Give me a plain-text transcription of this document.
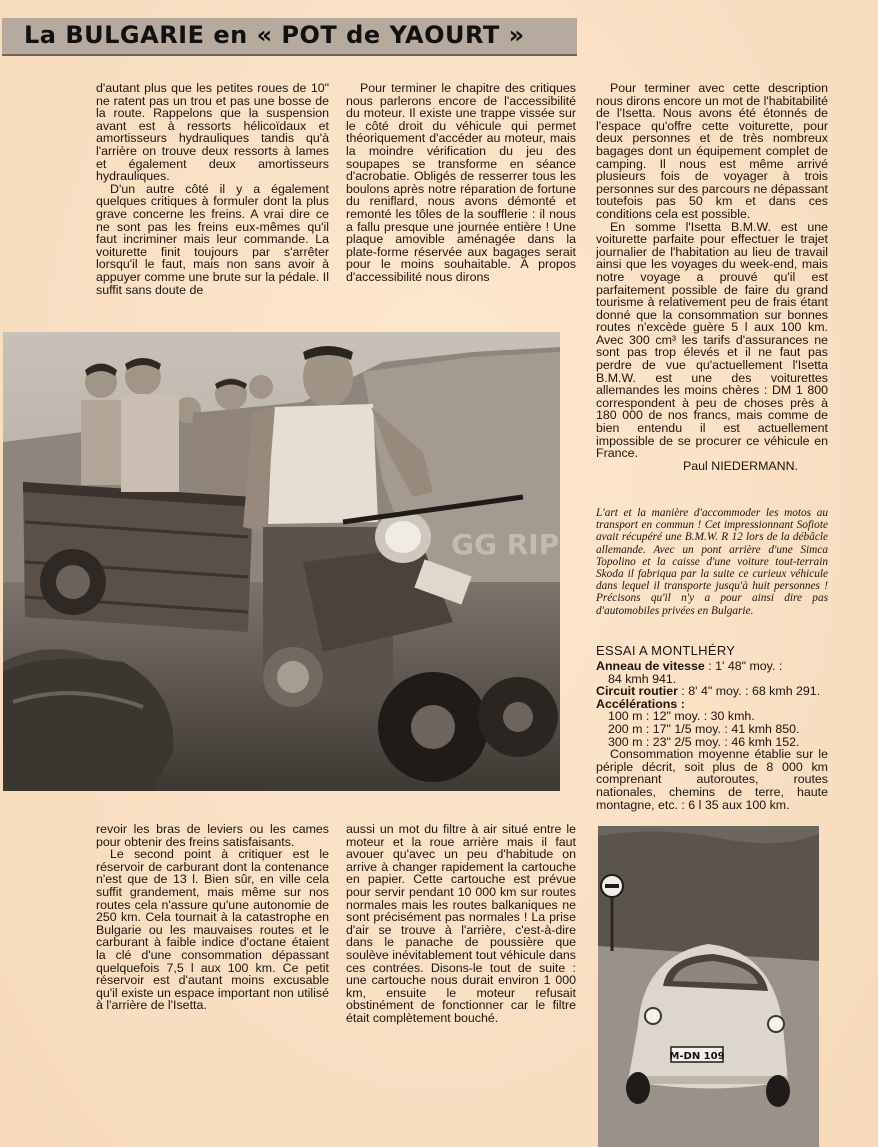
La BULGARIE en « POT de YAOURT »

d'autant plus que les petites roues de 10" ne ratent pas un trou et pas une bosse de la route. Rappelons que la suspension avant est à ressorts hélicoïdaux et amortisseurs hydrauliques tandis qu'à l'arrière on trouve deux ressorts à lames et également deux amortisseurs hydrauliques.

D'un autre côté il y a également quelques critiques à formuler dont la plus grave concerne les freins. A vrai dire ce ne sont pas les freins eux-mêmes qu'il faut incriminer mais leur commande. La voiturette finit toujours par s'arrêter lorsqu'il le faut, mais non sans avoir à appuyer comme une brute sur la pédale. Il suffit sans doute de

Pour terminer le chapitre des critiques nous parlerons encore de l'accessibilité du moteur. Il existe une trappe vissée sur le côté droit du véhicule qui permet théoriquement d'accéder au moteur, mais la moindre vérification du jeu des soupapes se transforme en séance d'acrobatie. Obligés de resserrer tous les boulons après notre réparation de fortune du reniflard, nous avons démonté et remonté les tôles de la soufflerie : il nous a fallu presque une journée entière ! Une plaque amovible aménagée dans la plate-forme réservée aux bagages serait pour le moins souhaitable. A propos d'accessibilité nous dirons

Pour terminer avec cette description nous dirons encore un mot de l'habitabilité de l'Isetta. Nous avons été étonnés de l'espace qu'offre cette voiturette, pour deux personnes et de très nombreux bagages dont un équipement complet de camping. Il nous est même arrivé plusieurs fois de voyager à trois personnes sur des parcours ne dépassant toutefois pas 50 km et dans ces conditions cela est possible.

En somme l'Isetta B.M.W. est une voiturette parfaite pour effectuer le trajet journalier de l'habitation au lieu de travail ainsi que les voyages du week-end, mais notre voyage a prouvé qu'il est parfaitement possible de faire du grand tourisme à relativement peu de frais étant donné que la consommation sur bonnes routes n'excède guère 5 l aux 100 km. Avec 300 cm³ les tarifs d'assurances ne sont pas trop élevés et il ne faut pas perdre de vue qu'actuellement l'Isetta B.M.W. est une des voiturettes allemandes les moins chères : DM 1 800 correspondent à peu de choses près à 180 000 de nos francs, mais comme de bien entendu il est actuellement impossible de se procurer ce véhicule en France.

Paul NIEDERMANN.

L'art et la manière d'accommoder les motos au transport en commun ! Cet impressionnant Sofiote avait récupéré une B.M.W. R 12 lors de la débâcle allemande. Avec un pont arrière d'une Simca Topolino et la caisse d'une voiture tout-terrain Skoda il fabriqua par la suite ce curieux véhicule dans lequel il transporte jusqu'à huit personnes ! Précisons qu'il n'y a pour ainsi dire pas d'automobiles privées en Bulgarie.
ESSAI A MONTLHÉRY
Anneau de vitesse : 1' 48" moy. :
84 kmh 941.
Circuit routier : 8' 4" moy. : 68 kmh 291.
Accélérations :
100 m : 12" moy. : 30 kmh.
200 m : 17" 1/5 moy. : 41 kmh 850.
300 m : 23" 2/5 moy. : 46 kmh 152.
Consommation moyenne établie sur le périple décrit, soit plus de 8 000 km comprenant autoroutes, routes nationales, chemins de terre, haute montagne, etc. : 6 l 35 aux 100 km.

revoir les bras de leviers ou les cames pour obtenir des freins satisfaisants.

Le second point à critiquer est le réservoir de carburant dont la contenance n'est que de 13 l. Bien sûr, en ville cela suffit grandement, mais même sur nos routes cela n'assure qu'une autonomie de 250 km. Cela tournait à la catastrophe en Bulgarie ou les mauvaises routes et le carburant à faible indice d'octane étaient la clé d'une consommation dépassant quelquefois 7,5 l aux 100 km. Ce petit réservoir est d'autant moins excusable qu'il existe un espace important non utilisé à l'arrière de l'Isetta.

aussi un mot du filtre à air situé entre le moteur et la roue arrière mais il faut avouer qu'avec un peu d'habitude on arrive à changer rapidement la cartouche en papier. Cette cartouche est prévue pour servir pendant 10 000 km sur routes normales mais les routes balkaniques ne sont précisément pas normales ! La prise d'air se trouve à l'arrière, c'est-à-dire dans le panache de poussière que soulève inévitablement tout véhicule dans ces contrées. Disons-le tout de suite : une cartouche nous durait environ 1 000 km, ensuite le moteur refusait obstinément de fonctionner car le filtre était complètement bouché.

GG RIP
M-DN 109
